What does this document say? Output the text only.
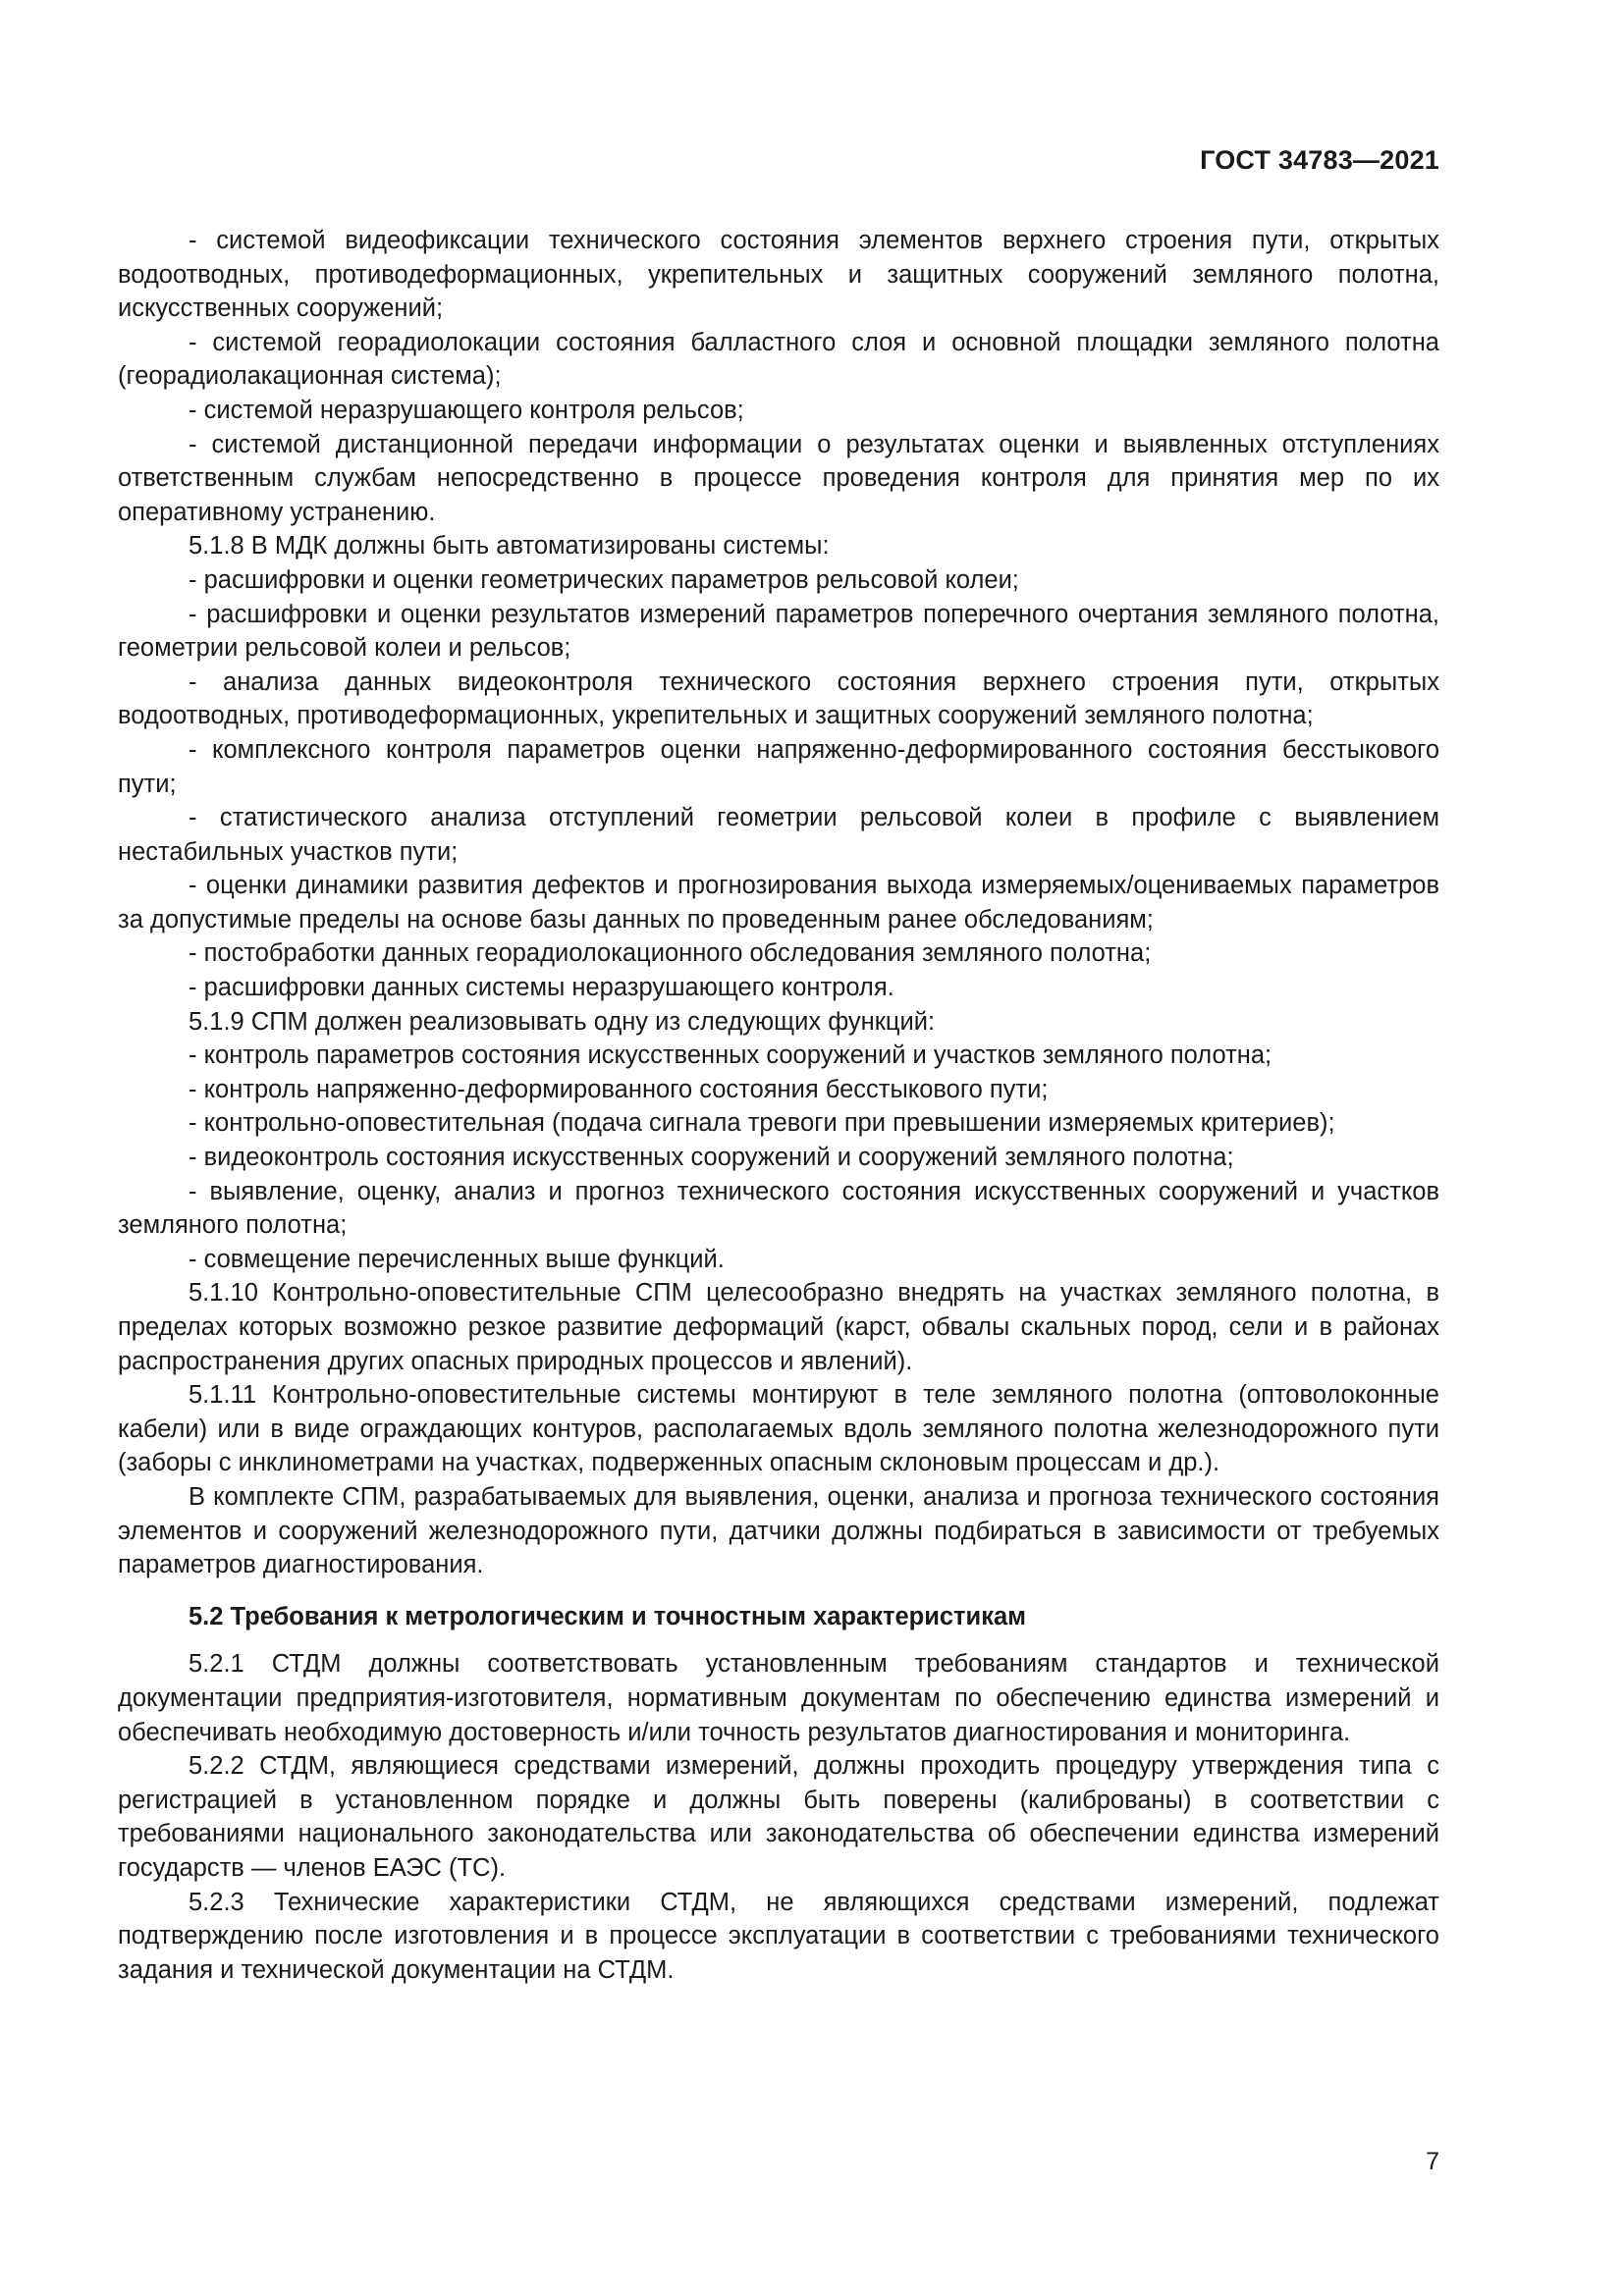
ГОСТ 34783—2021

- системой видеофиксации технического состояния элементов верхнего строения пути, открытых водоотводных, противодеформационных, укрепительных и защитных сооружений земляного полотна, искусственных сооружений;

- системой георадиолокации состояния балластного слоя и основной площадки земляного полотна (георадиолакационная система);

- системой неразрушающего контроля рельсов;

- системой дистанционной передачи информации о результатах оценки и выявленных отступлениях ответственным службам непосредственно в процессе проведения контроля для принятия мер по их оперативному устранению.

5.1.8 В МДК должны быть автоматизированы системы:

- расшифровки и оценки геометрических параметров рельсовой колеи;

- расшифровки и оценки результатов измерений параметров поперечного очертания земляного полотна, геометрии рельсовой колеи и рельсов;

- анализа данных видеоконтроля технического состояния верхнего строения пути, открытых водоотводных, противодеформационных, укрепительных и защитных сооружений земляного полотна;

- комплексного контроля параметров оценки напряженно-деформированного состояния бесстыкового пути;

- статистического анализа отступлений геометрии рельсовой колеи в профиле с выявлением нестабильных участков пути;

- оценки динамики развития дефектов и прогнозирования выхода измеряемых/оцениваемых параметров за допустимые пределы на основе базы данных по проведенным ранее обследованиям;

- постобработки данных георадиолокационного обследования земляного полотна;

- расшифровки данных системы неразрушающего контроля.

5.1.9 СПМ должен реализовывать одну из следующих функций:

- контроль параметров состояния искусственных сооружений и участков земляного полотна;

- контроль напряженно-деформированного состояния бесстыкового пути;

- контрольно-оповестительная (подача сигнала тревоги при превышении измеряемых критериев);

- видеоконтроль состояния искусственных сооружений и сооружений земляного полотна;

- выявление, оценку, анализ и прогноз технического состояния искусственных сооружений и участков земляного полотна;

- совмещение перечисленных выше функций.

5.1.10 Контрольно-оповестительные СПМ целесообразно внедрять на участках земляного полотна, в пределах которых возможно резкое развитие деформаций (карст, обвалы скальных пород, сели и в районах распространения других опасных природных процессов и явлений).

5.1.11 Контрольно-оповестительные системы монтируют в теле земляного полотна (оптоволоконные кабели) или в виде ограждающих контуров, располагаемых вдоль земляного полотна железнодорожного пути (заборы с инклинометрами на участках, подверженных опасным склоновым процессам и др.).

В комплекте СПМ, разрабатываемых для выявления, оценки, анализа и прогноза технического состояния элементов и сооружений железнодорожного пути, датчики должны подбираться в зависимости от требуемых параметров диагностирования.

5.2 Требования к метрологическим и точностным характеристикам

5.2.1 СТДМ должны соответствовать установленным требованиям стандартов и технической документации предприятия-изготовителя, нормативным документам по обеспечению единства измерений и обеспечивать необходимую достоверность и/или точность результатов диагностирования и мониторинга.

5.2.2 СТДМ, являющиеся средствами измерений, должны проходить процедуру утверждения типа с регистрацией в установленном порядке и должны быть поверены (калиброваны) в соответствии с требованиями национального законодательства или законодательства об обеспечении единства измерений государств — членов ЕАЭС (ТС).

5.2.3 Технические характеристики СТДМ, не являющихся средствами измерений, подлежат подтверждению после изготовления и в процессе эксплуатации в соответствии с требованиями технического задания и технической документации на СТДМ.

7
